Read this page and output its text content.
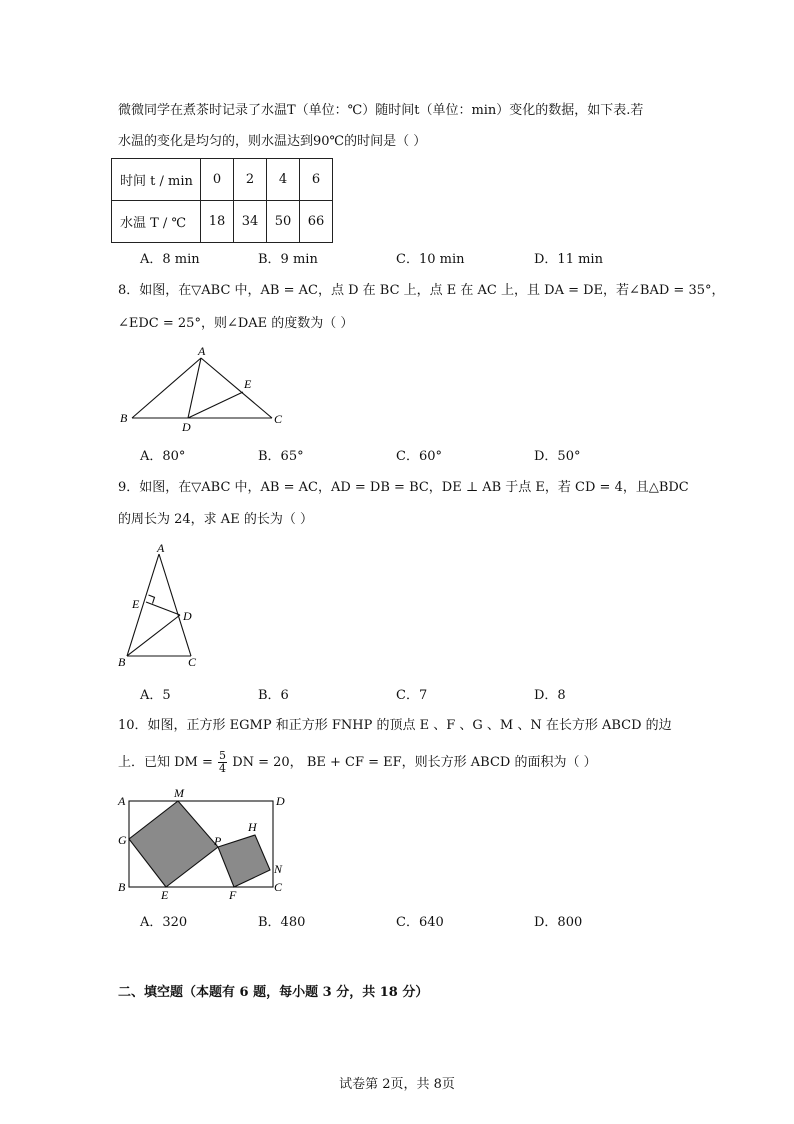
微微同学在煮茶时记录了水温T（单位：℃）随时间t（单位：min）变化的数据，如下表.若
水温的变化是均匀的，则水温达到90℃的时间是（ ）
时间 t / min	0	2	4	6
水温 T / ℃	18	34	50	66
A．8 min	B．9 min	C．10 min	D．11 min
8．如图，在▽ABC 中，AB = AC，点 D 在 BC 上，点 E 在 AC 上，且 DA = DE，若∠BAD = 35°，
∠EDC = 25°，则∠DAE 的度数为（ ）
A
B	C
D
E
A．80°	B．65°	C．60°	D．50°
9．如图，在▽ABC 中，AB = AC，AD = DB = BC，DE ⊥ AB 于点 E，若 CD = 4，且△BDC
的周长为 24，求 AE 的长为（ ）
A
E
D
B	C
A．5	B．6	C．7	D．8
10．如图，正方形 EGMP 和正方形 FNHP 的顶点 E 、F 、G 、M 、N 在长方形 ABCD 的边
上．已知 DM = $\frac{5}{4}$ DN = 20， BE + CF = EF，则长方形 ABCD 的面积为（ ）
A
M
D
H
G	P
N
B
E	F
C
A．320	B．480	C．640	D．800
二、填空题（本题有 6 题，每小题 3 分，共 18 分）
试卷第 2页，共 8页
